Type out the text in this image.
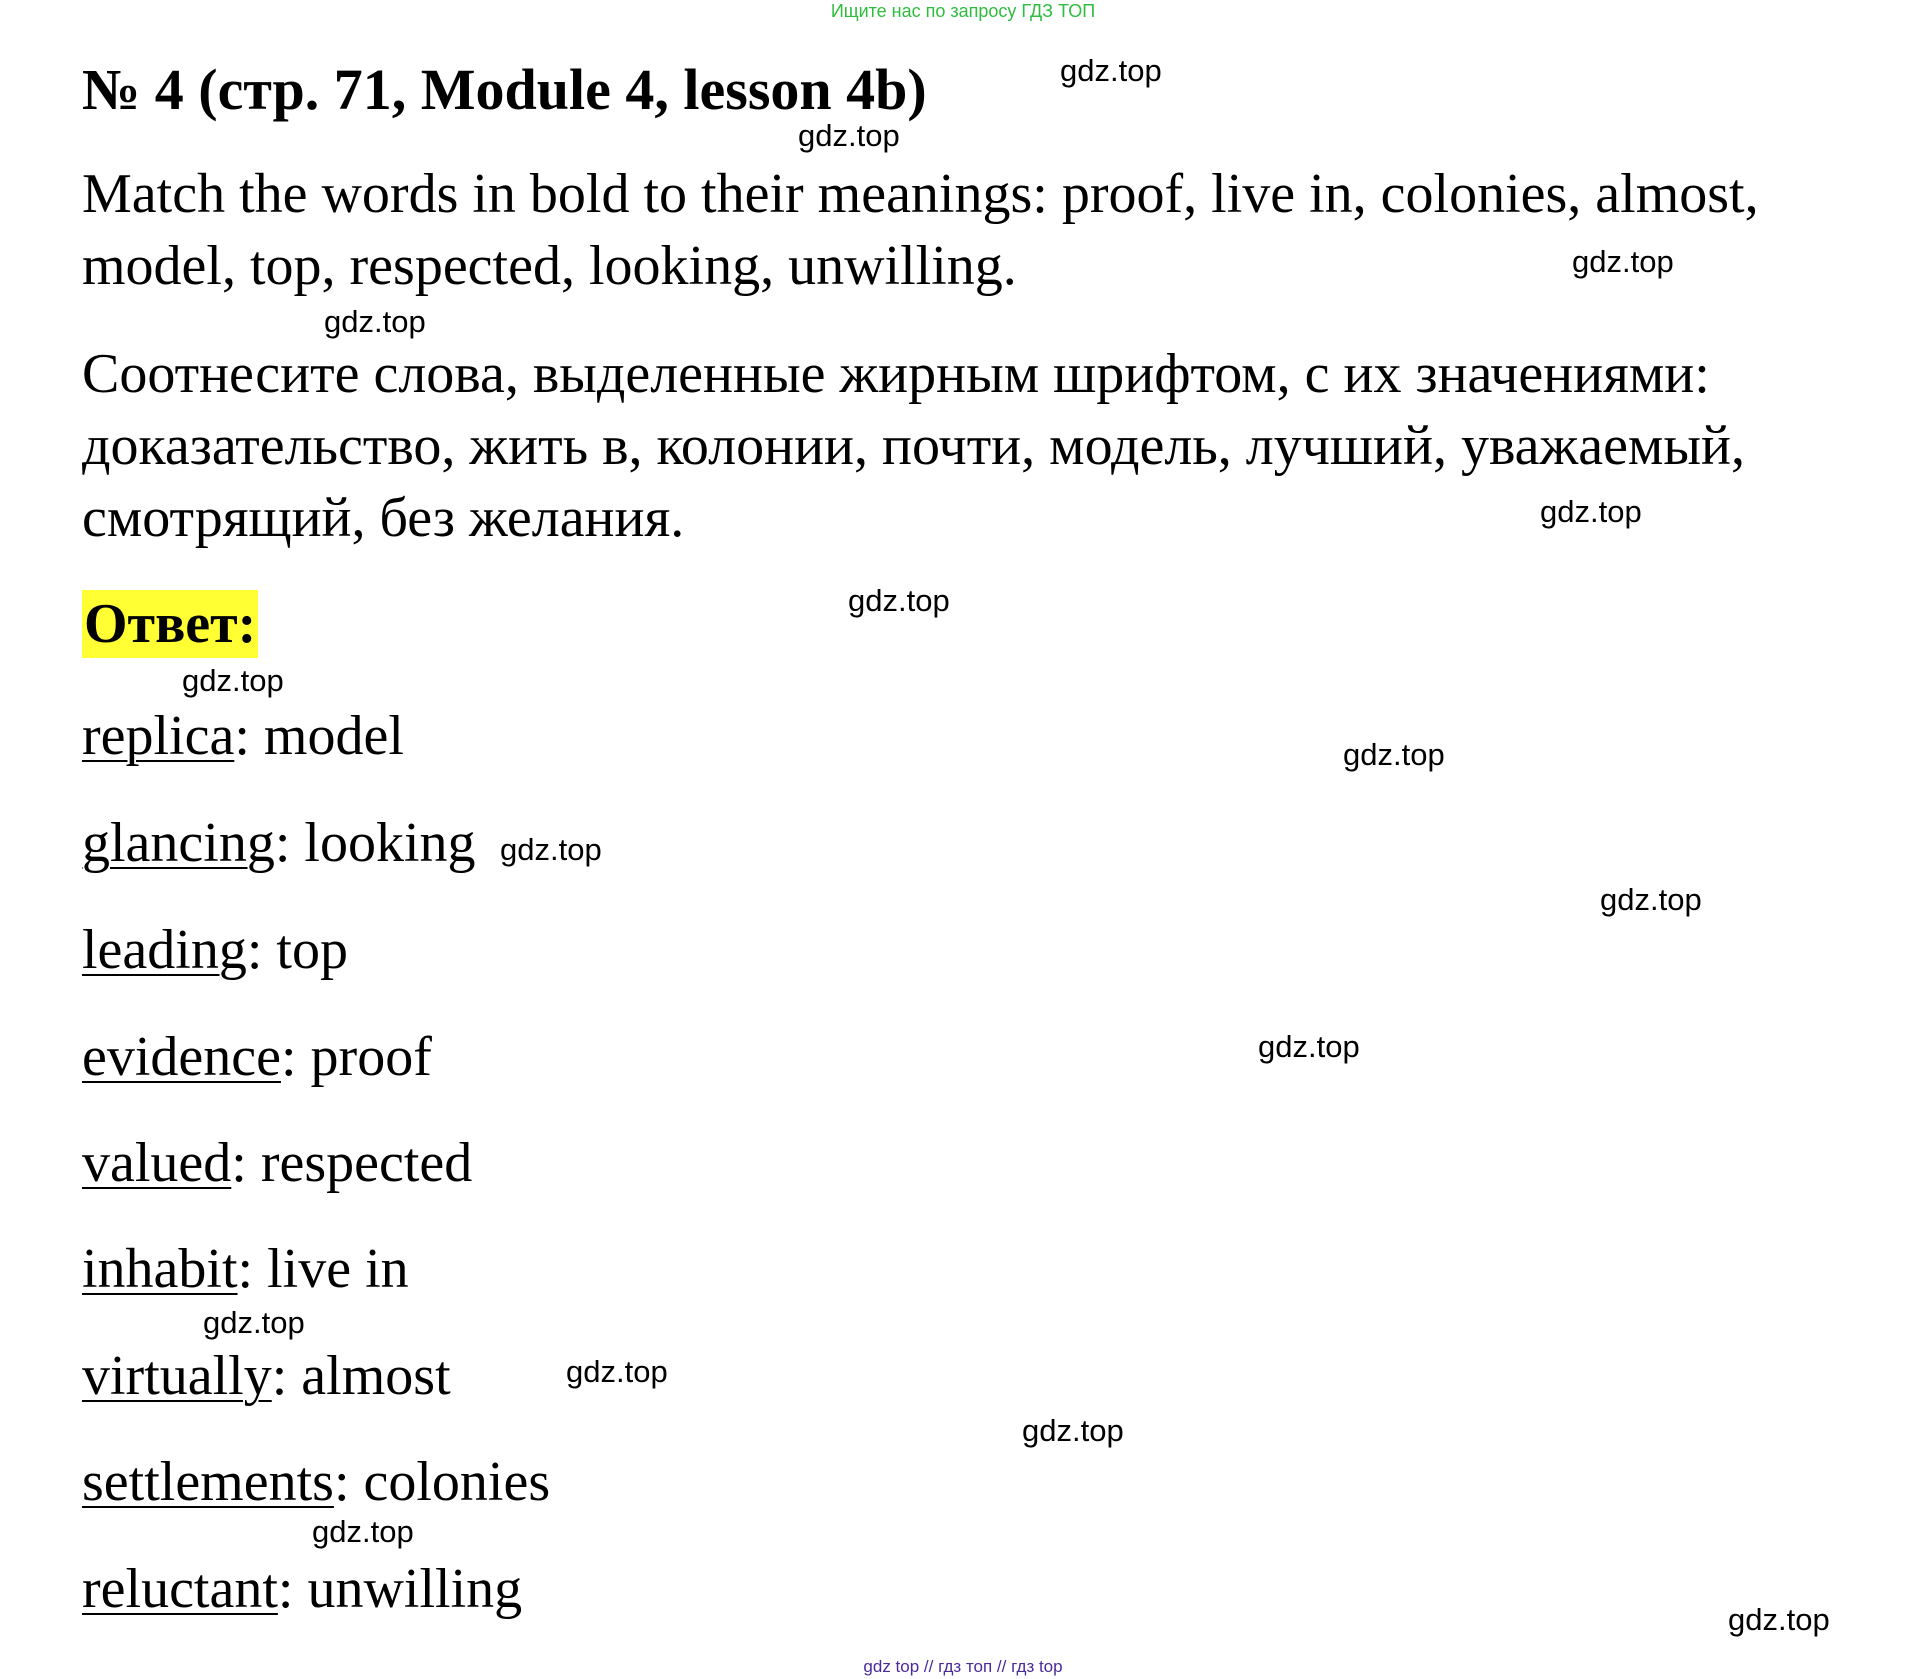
Ищите нас по запросу ГДЗ ТОП
№ 4 (стр. 71, Module 4, lesson 4b)
Match the words in bold to their meanings: proof, live in, colonies, almost, model, top, respected, looking, unwilling.
Соотнесите слова, выделенные жирным шрифтом, с их значениями: доказательство, жить в, колонии, почти, модель, лучший, уважаемый, смотрящий, без желания.
Ответ:
replica: model
glancing: looking
leading: top
evidence: proof
valued: respected
inhabit: live in
virtually: almost
settlements: colonies
reluctant: unwilling
gdz.top
gdz.top
gdz.top
gdz.top
gdz.top
gdz.top
gdz.top
gdz.top
gdz.top
gdz.top
gdz.top
gdz.top
gdz.top
gdz.top
gdz.top
gdz.top
gdz top // гдз топ // гдз top
